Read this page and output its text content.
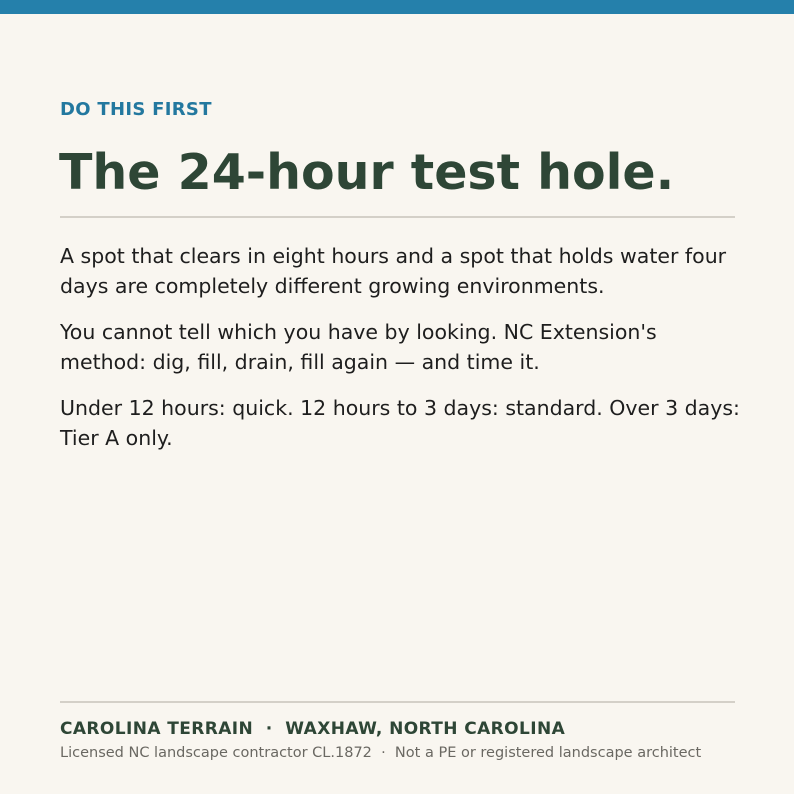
DO THIS FIRST
The 24-hour test hole.

A spot that clears in eight hours and a spot that holds water four days are completely different growing environments.

You cannot tell which you have by looking. NC Extension's method: dig, fill, drain, fill again — and time it.

Under 12 hours: quick. 12 hours to 3 days: standard. Over 3 days: Tier A only.

CAROLINA TERRAIN  ·  WAXHAW, NORTH CAROLINA
Licensed NC landscape contractor CL.1872  ·  Not a PE or registered landscape architect
